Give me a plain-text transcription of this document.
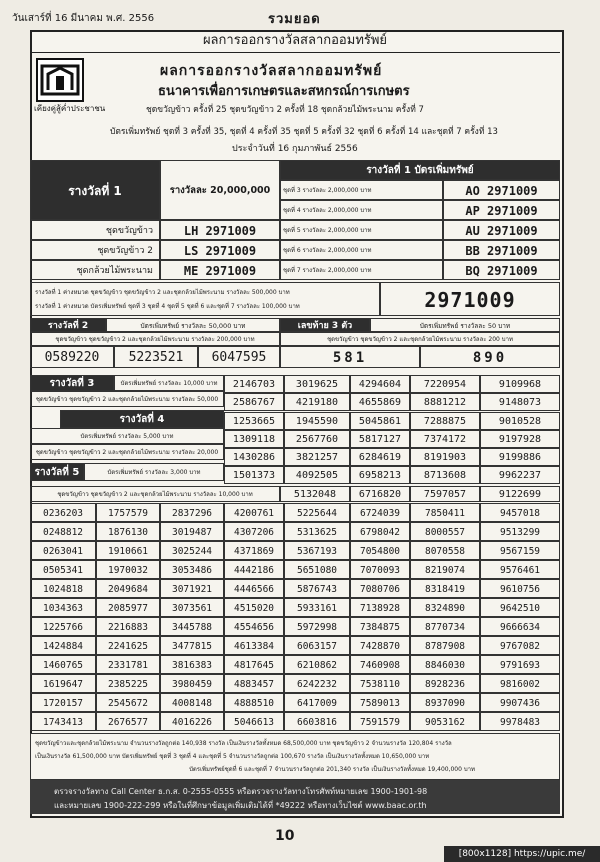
วันเสาร์ที่ 16 มีนาคม พ.ศ. 2556	รวมยอด
ผลการออกรางวัลสลากออมทรัพย์
เคียงคู่สู้ค่ำประชาชน
ผลการออกรางวัลสลากออมทรัพย์
ธนาคารเพื่อการเกษตรและสหกรณ์การเกษตร
ชุดขวัญข้าว ครั้งที่ 25 ชุดขวัญข้าว 2 ครั้งที่ 18 ชุดกล้วยไม้พระนาม ครั้งที่ 7
บัตรเพิ่มทรัพย์ ชุดที่ 3 ครั้งที่ 35, ชุดที่ 4 ครั้งที่ 35 ชุดที่ 5 ครั้งที่ 32 ชุดที่ 6 ครั้งที่ 14 และชุดที่ 7 ครั้งที่ 13
ประจำวันที่ 16 กุมภาพันธ์ 2556
รางวัลที่ 1	รางวัลละ 20,000,000
รางวัลที่ 1 บัตรเพิ่มทรัพย์
ชุดที่ 3 รางวัลละ 2,000,000 บาท	AO 2971009
ชุดที่ 4 รางวัลละ 2,000,000 บาท	AP 2971009
ชุดที่ 5 รางวัลละ 2,000,000 บาท	AU 2971009
ชุดที่ 6 รางวัลละ 2,000,000 บาท	BB 2971009
ชุดที่ 7 รางวัลละ 2,000,000 บาท	BQ 2971009
ชุดขวัญข้าว	LH 2971009
ชุดขวัญข้าว 2	LS 2971009
ชุดกล้วยไม้พระนาม	ME 2971009
รางวัลที่ 1 ค่างหมวด ชุดขวัญข้าว ชุดขวัญข้าว 2 และชุดกล้วยไม้พระนาม รางวัลละ 500,000 บาท
รางวัลที่ 1 ค่างหมวด บัตรเพิ่มทรัพย์ ชุดที่ 3 ชุดที่ 4 ชุดที่ 5 ชุดที่ 6 และชุดที่ 7 รางวัลละ 100,000 บาท	2971009
รางวัลที่ 2	บัตรเพิ่มทรัพย์ รางวัลละ 50,000 บาท
ชุดขวัญข้าว ชุดขวัญข้าว 2 และชุดกล้วยไม้พระนาม รางวัลละ 200,000 บาท
0589220	5223521	6047595
เลขท้าย 3 ตัว	บัตรเพิ่มทรัพย์ รางวัลละ 50 บาท
ชุดขวัญข้าว ชุดขวัญข้าว 2 และชุดกล้วยไม้พระนาม รางวัลละ 200 บาท
581	890
รางวัลที่ 3	บัตรเพิ่มทรัพย์ รางวัลละ 10,000 บาท
ชุดขวัญข้าว ชุดขวัญข้าว 2 และชุดกล้วยไม้พระนาม รางวัลละ 50,000
รางวัลที่ 4
บัตรเพิ่มทรัพย์ รางวัลละ 5,000 บาท
ชุดขวัญข้าว ชุดขวัญข้าว 2 และชุดกล้วยไม้พระนาม รางวัลละ 20,000
รางวัลที่ 5	บัตรเพิ่มทรัพย์ รางวัลละ 3,000 บาท
ชุดขวัญข้าว ชุดขวัญข้าว 2 และชุดกล้วยไม้พระนาม รางวัลละ 10,000 บาท
2146703	3019625	4294604	7220954	9109968
2586767	4219180	4655869	8881212	9148073
1253665	1945590	5045861	7288875	9010528
1309118	2567760	5817127	7374172	9197928
1430286	3821257	6284619	8191903	9199886
1501373	4092505	6958213	8713608	9962237
5132048	6716820	7597057	9122699
0236203	1757579	2837296	4200761	5225644	6724039	7850411	9457018
0248812	1876130	3019487	4307206	5313625	6798042	8000557	9513299
0263041	1910661	3025244	4371869	5367193	7054800	8070558	9567159
0505341	1970032	3053486	4442186	5651080	7070093	8219074	9576461
1024818	2049684	3071921	4446566	5876743	7080706	8318419	9610756
1034363	2085977	3073561	4515020	5933161	7138928	8324890	9642510
1225766	2216883	3445788	4554656	5972998	7384875	8770734	9666634
1424884	2241625	3477815	4613384	6063157	7428870	8787908	9767082
1460765	2331781	3816383	4817645	6210862	7460908	8846030	9791693
1619647	2385225	3980459	4883457	6242232	7538110	8928236	9816002
1720157	2545672	4008148	4888510	6417009	7589013	8937090	9907436
1743413	2676577	4016226	5046613	6603816	7591579	9053162	9978483
ชุดขวัญข้าวและชุดกล้วยไม้พระนาม จำนวนรางวัลถูกต่อ 140,938 รางวัล เป็นเงินรางวัลทั้งหมด 68,500,000 บาท ชุดขวัญข้าว 2 จำนวนรางวัล 120,804 รางวัล
เป็นเงินรางวัล 61,500,000 บาท บัตรเพิ่มทรัพย์ ชุดที่ 3 ชุดที่ 4 และชุดที่ 5 จำนวนรางวัลถูกต่อ 100,670 รางวัล เป็นเงินรางวัลทั้งหมด 10,650,000 บาท
บัตรเพิ่มทรัพย์ชุดที่ 6 และชุดที่ 7 จำนวนรางวัลถูกต่อ 201,340 รางวัล เป็นเงินรางวัลทั้งหมด 19,400,000 บาท
ตรวจรางวัลทาง Call Center ธ.ก.ส. 0-2555-0555 หรือตรวจรางวัลทางโทรศัพท์หมายเลข 1900-1901-98
และหมายเลข 1900-222-299 หรือในที่ศึกษาข้อมูลเพิ่มเติมได้ที่ *49222 หรือทางเว็บไซต์ www.baac.or.th
10
[800x1128] https://upic.me/
